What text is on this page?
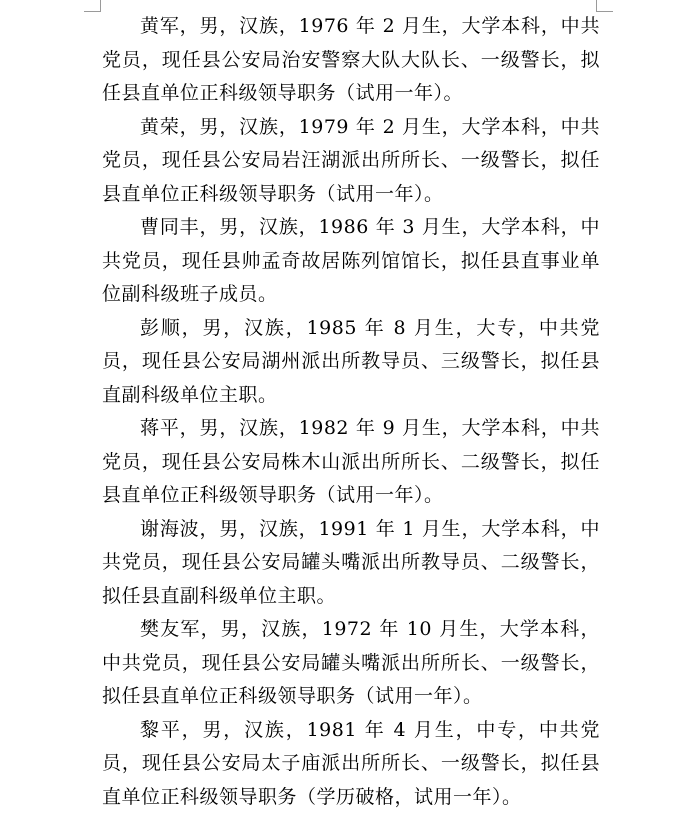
黄军，男，汉族，1976 年 2 月生，大学本科，中共党员，现任县公安局治安警察大队大队长、一级警长，拟任县直单位正科级领导职务（试用一年）。

黄荣，男，汉族，1979 年 2 月生，大学本科，中共党员，现任县公安局岩汪湖派出所所长、一级警长，拟任县直单位正科级领导职务（试用一年）。

曹同丰，男，汉族，1986 年 3 月生，大学本科，中共党员，现任县帅孟奇故居陈列馆馆长，拟任县直事业单位副科级班子成员。

彭顺，男，汉族，1985 年 8 月生，大专，中共党员，现任县公安局湖州派出所教导员、三级警长，拟任县直副科级单位主职。

蒋平，男，汉族，1982 年 9 月生，大学本科，中共党员，现任县公安局株木山派出所所长、二级警长，拟任县直单位正科级领导职务（试用一年）。

谢海波，男，汉族，1991 年 1 月生，大学本科，中共党员，现任县公安局罐头嘴派出所教导员、二级警长，拟任县直副科级单位主职。

樊友军，男，汉族，1972 年 10 月生，大学本科，中共党员，现任县公安局罐头嘴派出所所长、一级警长，拟任县直单位正科级领导职务（试用一年）。

黎平，男，汉族，1981 年 4 月生，中专，中共党员，现任县公安局太子庙派出所所长、一级警长，拟任县直单位正科级领导职务（学历破格，试用一年）。
